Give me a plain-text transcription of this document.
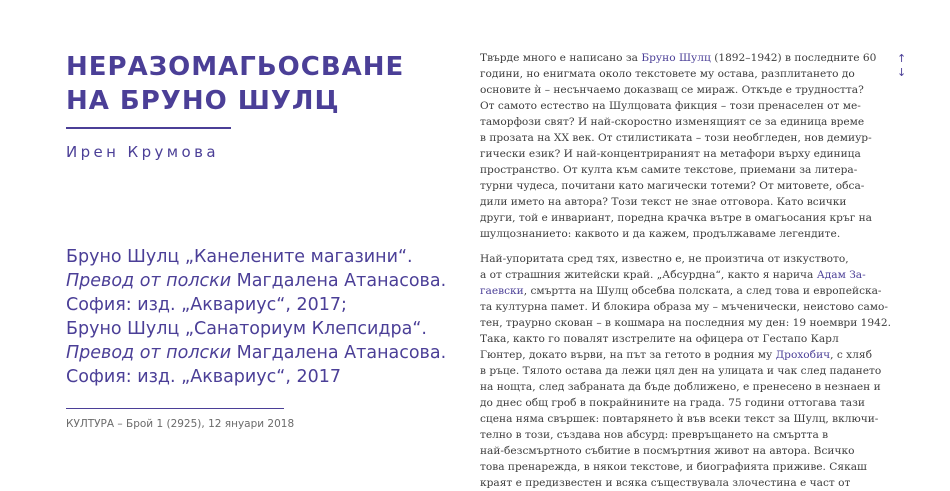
НЕРАЗОМАГЬОСВАНЕ
НА БРУНО ШУЛЦ
Ирен Крумова
Бруно Шулц „Канелените магазини“.
Превод от полски Магдалена Атанасова.
София: изд. „Аквариус“, 2017;
Бруно Шулц „Санаториум Клепсидра“.
Превод от полски Магдалена Атанасова.
София: изд. „Аквариус“, 2017
КУЛТУРА – Брой 1 (2925), 12 януари 2018
↑
↓
Твърде много е написано за Бруно Шулц (1892–1942) в последните 60
години, но енигмата около текстовете му остава, разплитането до
основите ѝ – несънчаемо доказващ се мираж. Откъде е трудността?
От самото естество на Шулцовата фикция – този пренаселен от ме-
таморфози свят? И най-скоростно изменящият се за единица време
в прозата на XX век. От стилистиката – този необгледен, нов демиур-
гически език? И най-концентрираният на метафори върху единица
пространство. От култа към самите текстове, приемани за литера-
турни чудеса, почитани като магически тотеми? От митовете, обса-
дили името на автора? Този текст не знае отговора. Като всички
други, той е инвариант, поредна крачка вътре в омагьосания кръг на
шулцознанието: каквото и да кажем, продължаваме легендите.
Най-упоритата сред тях, известно е, не произтича от изкуството,
а от страшния житейски край. „Абсурдна“, както я нарича Адам За-
гаевски, смъртта на Шулц обсебва полската, а след това и европейска-
та културна памет. И блокира образа му – мъченически, неистово само-
тен, траурно скован – в кошмара на последния му ден: 19 ноември 1942.
Така, както го повалят изстрелите на офицера от Гестапо Карл
Гюнтер, докато върви, на път за гетото в родния му Дрохобич, с хляб
в ръце. Тялото остава да лежи цял ден на улицата и чак след падането
на нощта, след забраната да бъде доближено, е пренесено в незнаен и
до днес общ гроб в покрайнините на града. 75 години оттогава тази
сцена няма свършек: повтарянето ѝ във всеки текст за Шулц, включи-
телно в този, създава нов абсурд: превръщането на смъртта в
най-безсмъртното събитие в посмъртния живот на автора. Всичко
това пренарежда, в някои текстове, и биографията приживе. Сякаш
краят е предизвестен и всяка съществувала злочестина е част от
